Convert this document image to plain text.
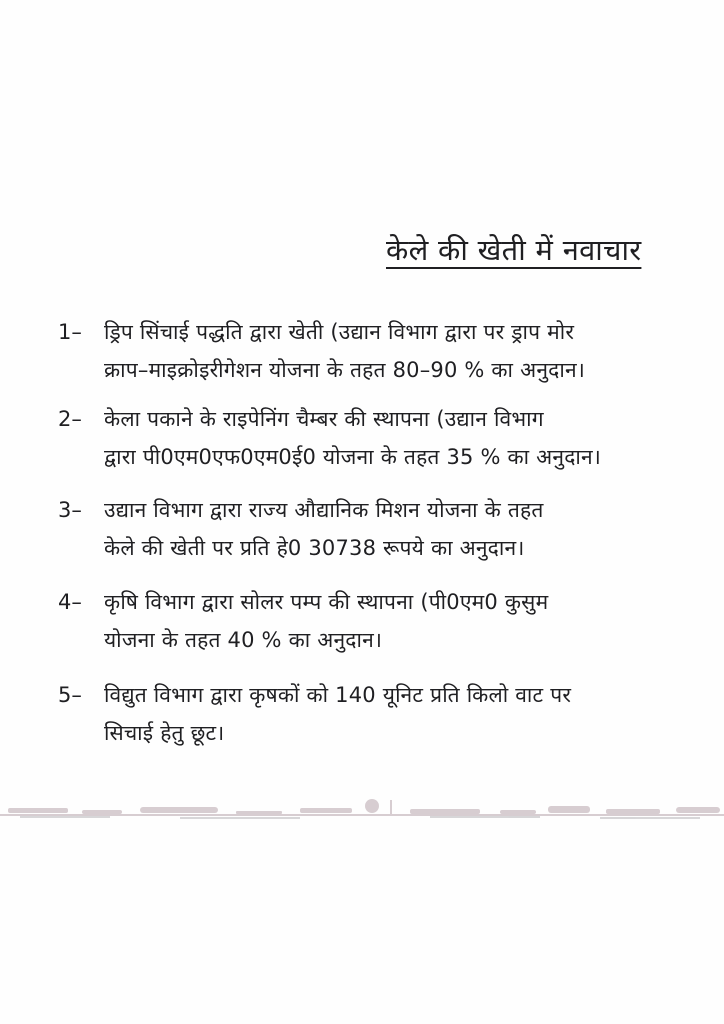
केले की खेती में नवाचार
1– ड्रिप सिंचाई पद्धति द्वारा खेती (उद्यान विभाग द्वारा पर ड्राप मोर
क्राप–माइक्रोइरीगेशन योजना के तहत 80–90 % का अनुदान।
2– केला पकाने के राइपेनिंग चैम्बर की स्थापना (उद्यान विभाग
द्वारा पी0एम0एफ0एम0ई0 योजना के तहत 35 % का अनुदान।
3– उद्यान विभाग द्वारा राज्य औद्यानिक मिशन योजना के तहत
केले की खेती पर प्रति हे0 30738 रूपये का अनुदान।
4– कृषि विभाग द्वारा सोलर पम्प की स्थापना (पी0एम0 कुसुम
योजना के तहत 40 % का अनुदान।
5– विद्युत विभाग द्वारा कृषकों को 140 यूनिट प्रति किलो वाट पर
सिचाई हेतु छूट।
